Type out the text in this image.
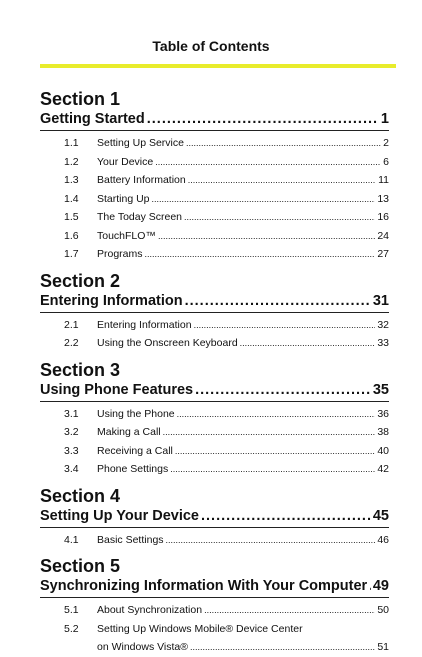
Table of Contents
Section 1
Getting Started .....	1
1.1	Setting Up Service .....	2
1.2	Your Device .....	6
1.3	Battery Information .....	11
1.4	Starting Up .....	13
1.5	The Today Screen .....	16
1.6	TouchFLO™ .....	24
1.7	Programs .....	27
Section 2
Entering Information .....	31
2.1	Entering Information .....	32
2.2	Using the Onscreen Keyboard .....	33
Section 3
Using Phone Features .....	35
3.1	Using the Phone .....	36
3.2	Making a Call .....	38
3.3	Receiving a Call .....	40
3.4	Phone Settings .....	42
Section 4
Setting Up Your Device .....	45
4.1	Basic Settings .....	46
Section 5
Synchronizing Information With Your Computer ..... 49
5.1	About Synchronization .....	50
5.2	Setting Up Windows Mobile® Device Center
on Windows Vista® .....	51
